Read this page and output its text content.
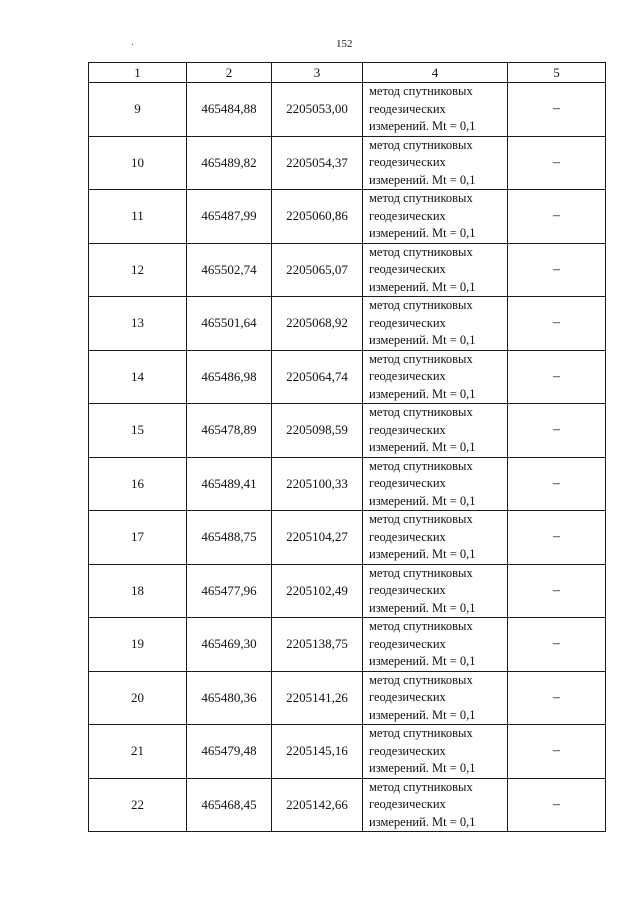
152
1	2	3	4	5
9	465484,88	2205053,00	метод спутниковых
геодезических
измерений. Mt = 0,1	–
10	465489,82	2205054,37	метод спутниковых
геодезических
измерений. Mt = 0,1	–
11	465487,99	2205060,86	метод спутниковых
геодезических
измерений. Mt = 0,1	–
12	465502,74	2205065,07	метод спутниковых
геодезических
измерений. Mt = 0,1	–
13	465501,64	2205068,92	метод спутниковых
геодезических
измерений. Mt = 0,1	–
14	465486,98	2205064,74	метод спутниковых
геодезических
измерений. Mt = 0,1	–
15	465478,89	2205098,59	метод спутниковых
геодезических
измерений. Mt = 0,1	–
16	465489,41	2205100,33	метод спутниковых
геодезических
измерений. Mt = 0,1	–
17	465488,75	2205104,27	метод спутниковых
геодезических
измерений. Mt = 0,1	–
18	465477,96	2205102,49	метод спутниковых
геодезических
измерений. Mt = 0,1	–
19	465469,30	2205138,75	метод спутниковых
геодезических
измерений. Mt = 0,1	–
20	465480,36	2205141,26	метод спутниковых
геодезических
измерений. Mt = 0,1	–
21	465479,48	2205145,16	метод спутниковых
геодезических
измерений. Mt = 0,1	–
22	465468,45	2205142,66	метод спутниковых
геодезических
измерений. Mt = 0,1	–
